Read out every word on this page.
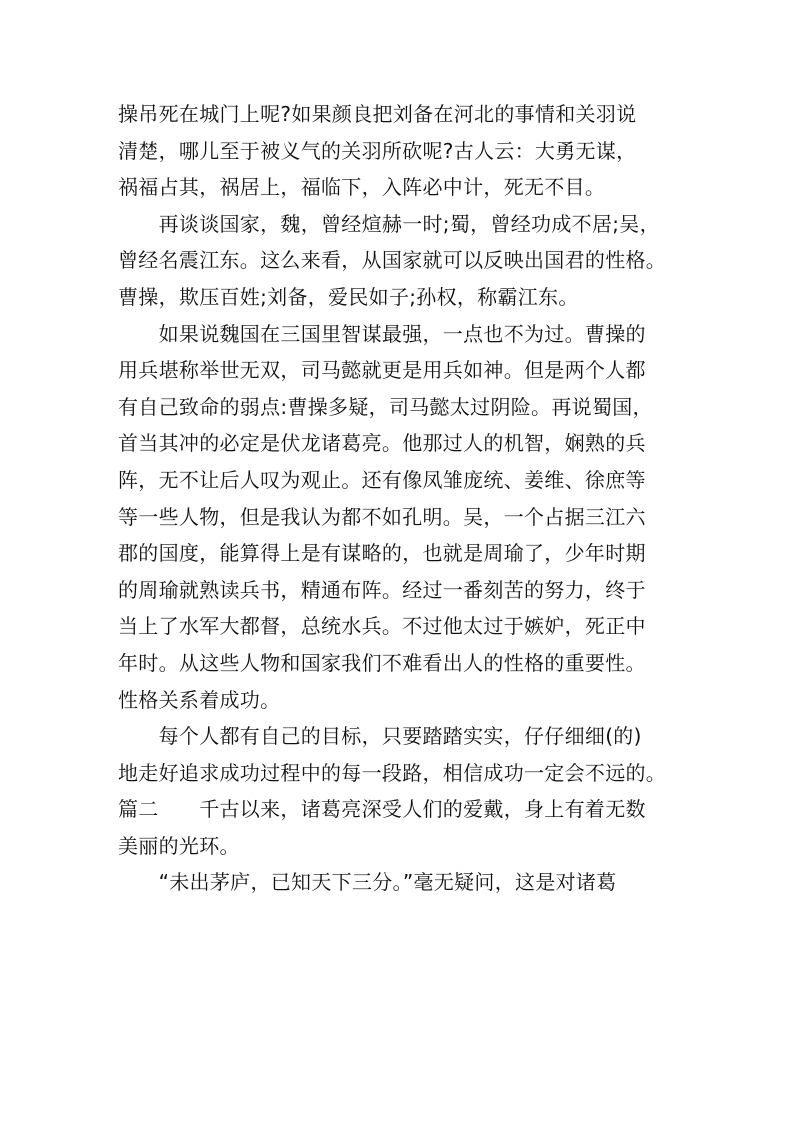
操吊死在城门上呢?如果颜良把刘备在河北的事情和关羽说
清楚，哪儿至于被义气的关羽所砍呢?古人云：大勇无谋，
祸福占其，祸居上，福临下，入阵必中计，死无不目。
　　再谈谈国家，魏，曾经煊赫一时;蜀，曾经功成不居;吴，
曾经名震江东。这么来看，从国家就可以反映出国君的性格。
曹操，欺压百姓;刘备，爱民如子;孙权，称霸江东。
　　如果说魏国在三国里智谋最强，一点也不为过。曹操的
用兵堪称举世无双，司马懿就更是用兵如神。但是两个人都
有自己致命的弱点:曹操多疑，司马懿太过阴险。再说蜀国，
首当其冲的必定是伏龙诸葛亮。他那过人的机智，娴熟的兵
阵，无不让后人叹为观止。还有像凤雏庞统、姜维、徐庶等
等一些人物，但是我认为都不如孔明。吴，一个占据三江六
郡的国度，能算得上是有谋略的，也就是周瑜了，少年时期
的周瑜就熟读兵书，精通布阵。经过一番刻苦的努力，终于
当上了水军大都督，总统水兵。不过他太过于嫉妒，死正中
年时。从这些人物和国家我们不难看出人的性格的重要性。
性格关系着成功。
　　每个人都有自己的目标，只要踏踏实实，仔仔细细(的)
地走好追求成功过程中的每一段路，相信成功一定会不远的。
篇二　　千古以来，诸葛亮深受人们的爱戴，身上有着无数
美丽的光环。
　　“未出茅庐，已知天下三分。”毫无疑问，这是对诸葛
